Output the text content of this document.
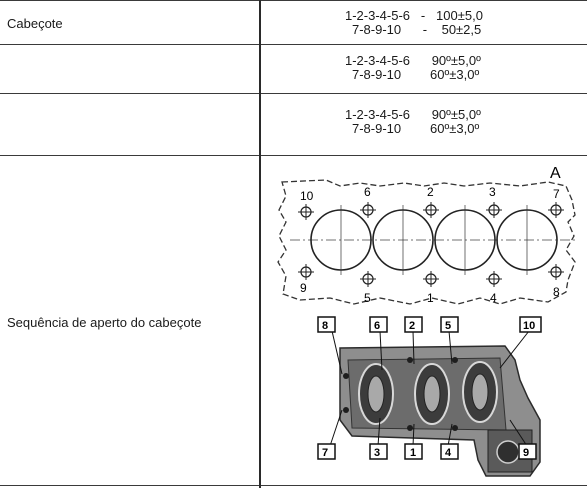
Cabeçote
1-2-3-4-5-6   -   100±5,0
7-8-9-10      -    50±2,5
1-2-3-4-5-6      90º±5,0º
7-8-9-10        60º±3,0º
1-2-3-4-5-6      90º±5,0º
7-8-9-10        60º±3,0º
Sequência de aperto do cabeçote
A
10	6	2	3	7
9
5	1	4	8
8	6	2	5	10
7	3	1	4	9
